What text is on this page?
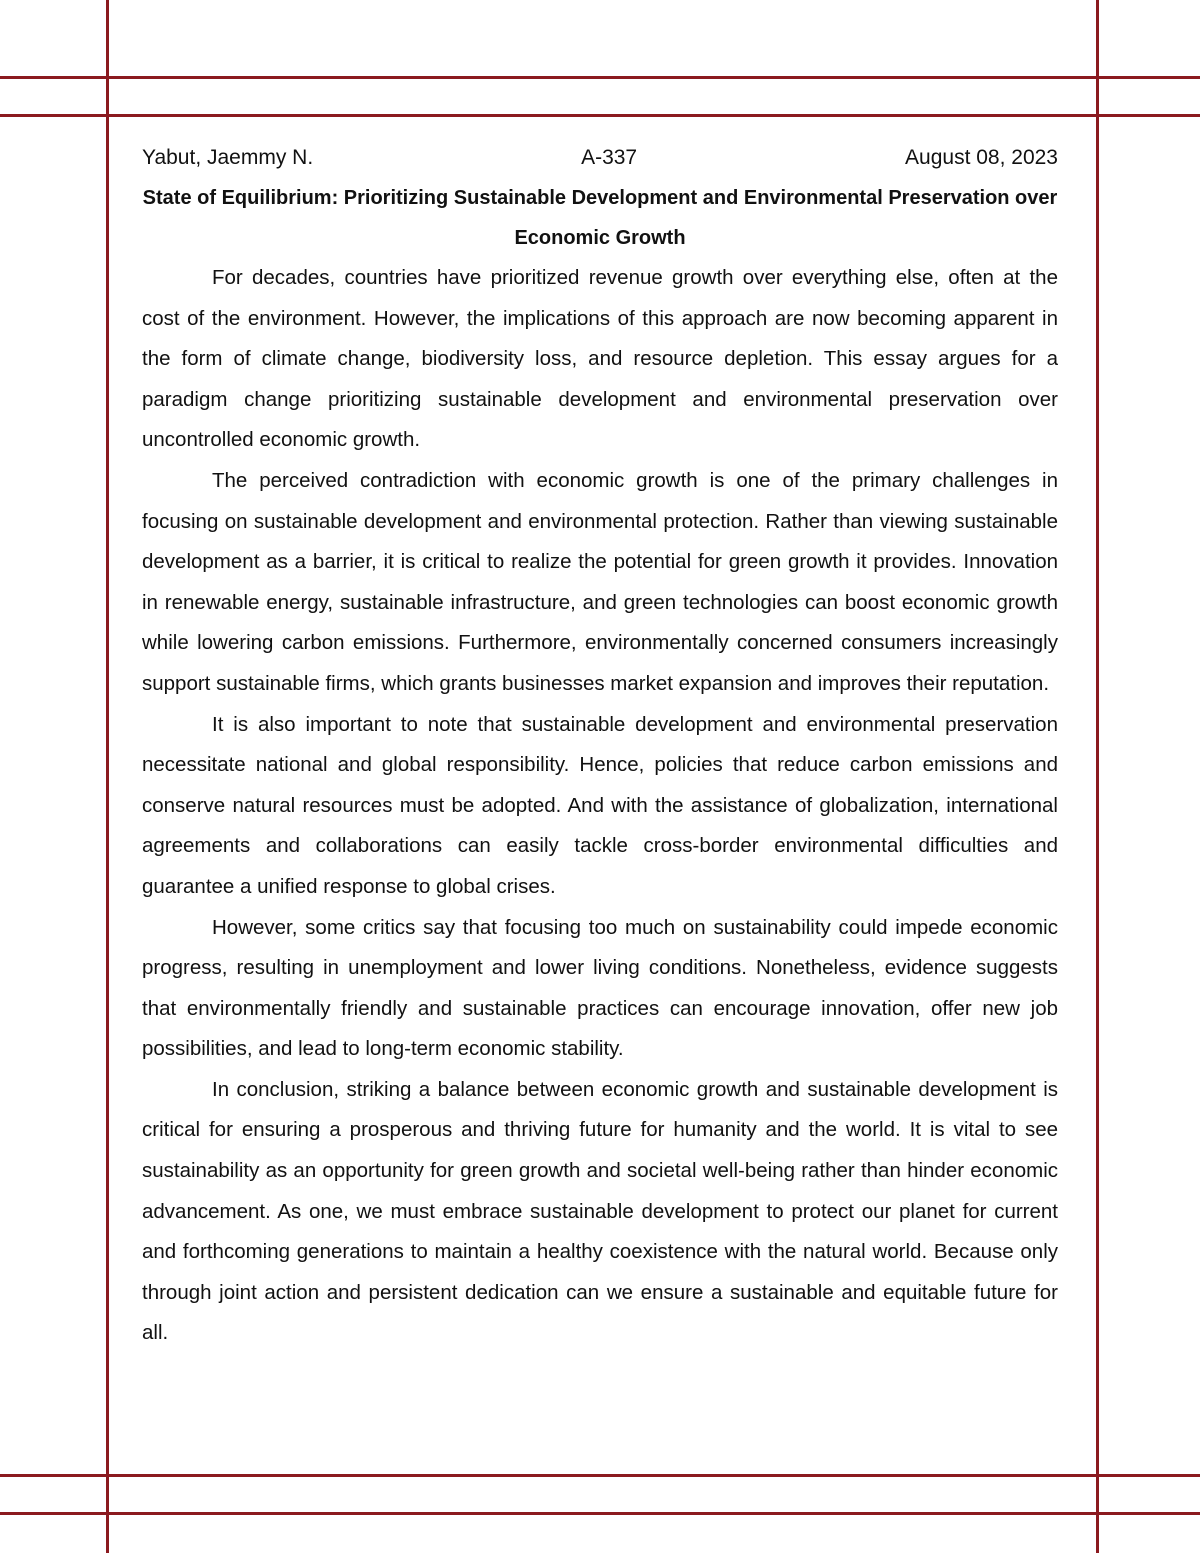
Yabut, Jaemmy N.	A-337	August 08, 2023
State of Equilibrium: Prioritizing Sustainable Development and Environmental Preservation over Economic Growth

For decades, countries have prioritized revenue growth over everything else, often at the cost of the environment. However, the implications of this approach are now becoming apparent in the form of climate change, biodiversity loss, and resource depletion. This essay argues for a paradigm change prioritizing sustainable development and environmental preservation over uncontrolled economic growth.

The perceived contradiction with economic growth is one of the primary challenges in focusing on sustainable development and environmental protection. Rather than viewing sustainable development as a barrier, it is critical to realize the potential for green growth it provides. Innovation in renewable energy, sustainable infrastructure, and green technologies can boost economic growth while lowering carbon emissions. Furthermore, environmentally concerned consumers increasingly support sustainable firms, which grants businesses market expansion and improves their reputation.

It is also important to note that sustainable development and environmental preservation necessitate national and global responsibility. Hence, policies that reduce carbon emissions and conserve natural resources must be adopted. And with the assistance of globalization, international agreements and collaborations can easily tackle cross-border environmental difficulties and guarantee a unified response to global crises.

However, some critics say that focusing too much on sustainability could impede economic progress, resulting in unemployment and lower living conditions. Nonetheless, evidence suggests that environmentally friendly and sustainable practices can encourage innovation, offer new job possibilities, and lead to long-term economic stability.

In conclusion, striking a balance between economic growth and sustainable development is critical for ensuring a prosperous and thriving future for humanity and the world. It is vital to see sustainability as an opportunity for green growth and societal well-being rather than hinder economic advancement. As one, we must embrace sustainable development to protect our planet for current and forthcoming generations to maintain a healthy coexistence with the natural world. Because only through joint action and persistent dedication can we ensure a sustainable and equitable future for all.
